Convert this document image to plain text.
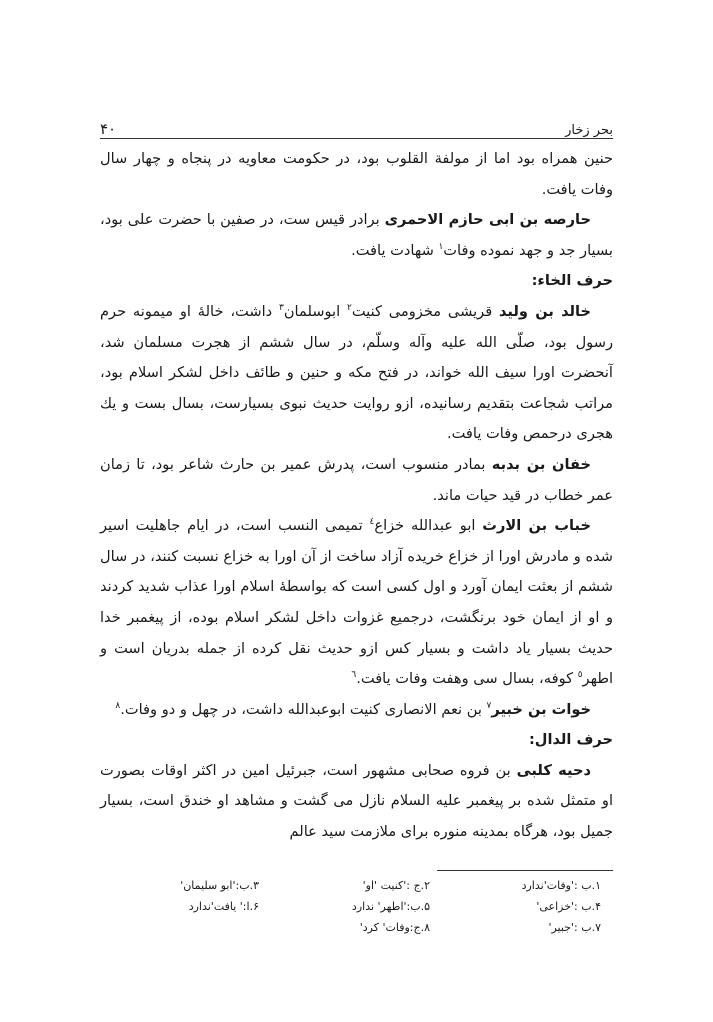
۴۰	بحر زخار

حنین همراه بود اما از مولفة القلوب بود، در حکومت معاویه در پنجاه و چهار سال وفات یافت.

حارصه بن ابی حازم الاحمری برادر قیس ست، در صفین با حضرت علی بود، بسیار جد و جهد نموده وفات$^١$ شهادت یافت.

حرف الخاء:

خالد بن ولید قریشی مخزومی کنیت$^٢$ ابوسلمان$^٣$ داشت، خالهٔ او میمونه حرم رسول بود، صلّی الله علیه وآله وسلّم، در سال ششم از هجرت مسلمان شد، آنحضرت اورا سیف الله خواند، در فتح مکه و حنین و طائف داخل لشکر اسلام بود، مراتب شجاعت بتقدیم رسانیده، ازو روایت حدیث نبوی بسیارست، بسال بست و یك هجری درحمص وفات یافت.

خفان بن بدبه بمادر منسوب است، پدرش عمیر بن حارث شاعر بود، تا زمان عمر خطاب در قید حیات ماند.

خباب بن الارث ابو عبدالله خزاع$^٤$ تمیمی النسب است، در ایام جاهلیت اسیر شده و مادرش اورا از خزاع خریده آزاد ساخت از آن اورا به خزاع نسبت کنند، در سال ششم از بعثت ایمان آورد و اول کسی است که بواسطهٔ اسلام اورا عذاب شدید کردند و او از ایمان خود برنگشت، درجمیع غزوات داخل لشکر اسلام بوده، از پیغمبر خدا حدیث بسیار یاد داشت و بسیار کس ازو حدیث نقل کرده از جمله بدریان است و اطهر$^٥$ کوفه، بسال سی وهفت وفات یافت.$^٦$

خوات بن خبیر$^٧$ بن نعم الانصاری کنیت ابوعبدالله داشت، در چهل و دو وفات.$^٨$

حرف الدال:

دحیه کلبی بن فروه صحابی مشهور است، جبرئیل امین در اکثر اوقات بصورت او متمثل شده بر پیغمبر علیه السلام نازل می گشت و مشاهد او خندق است، بسیار جمیل بود، هرگاه بمدینه منوره برای ملازمت سید عالم

۱.ب :'وفات'ندارد
۲.ج :'کنیت 'او'
۳.ب:'ابو سلیمان'
۴.ب :'خزاعی'
۵.ب:'اطهر' ندارد
۶.ا:' یافت'ندارد
۷.ب :'جبیر'
۸.ج:وفات' کرد'
